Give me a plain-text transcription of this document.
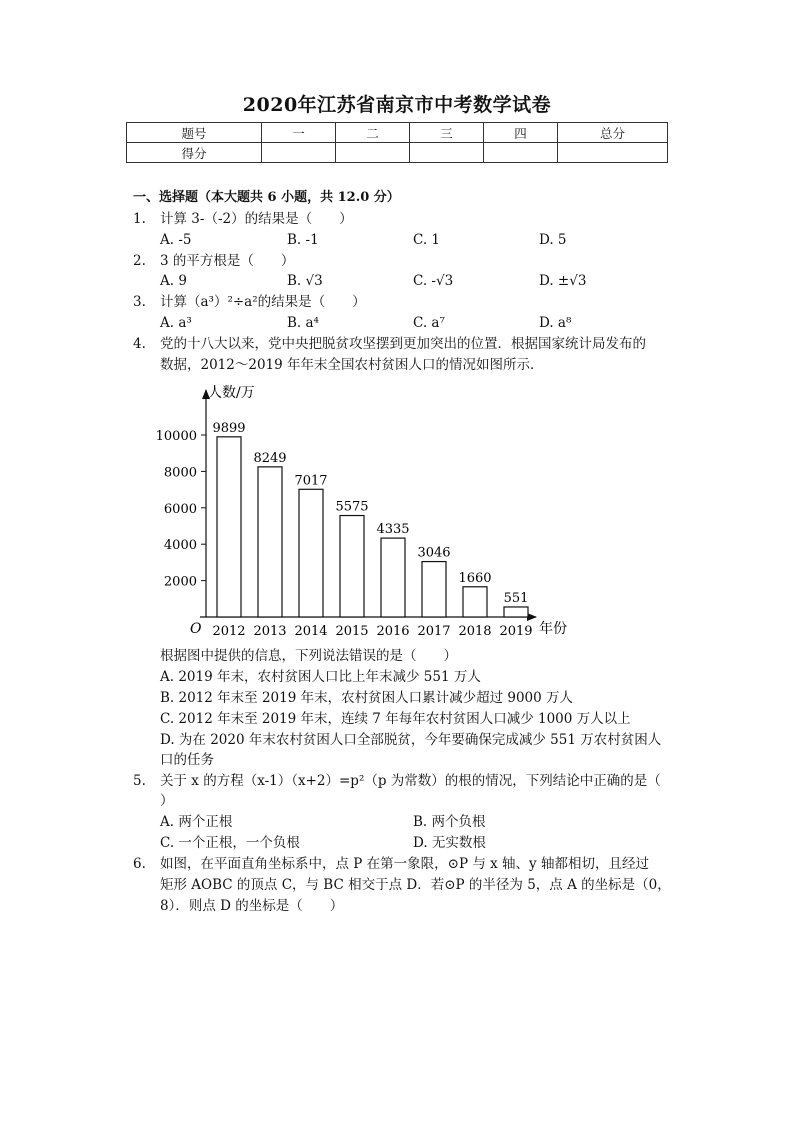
2020年江苏省南京市中考数学试卷
题号	一	二	三	四	总分
得分					
一、选择题（本大题共 6 小题，共 12.0 分）
1. 计算 3-（-2）的结果是（　　）
A. -5	B. -1	C. 1	D. 5
2. 3 的平方根是（　　）
A. 9	B. √3	C. -√3	D. ±√3
3. 计算（a³）²÷a²的结果是（　　）
A. a³	B. a⁴	C. a⁷	D. a⁸
4. 党的十八大以来，党中央把脱贫攻坚摆到更加突出的位置．根据国家统计局发布的
数据，2012～2019 年年末全国农村贫困人口的情况如图所示．
人数/万
年份
O
2000
4000
6000
8000
10000
9899
2012
8249
2013
7017
2014
5575
2015
4335
2016
3046
2017
1660
2018
551
2019
根据图中提供的信息，下列说法错误的是（　　）
A. 2019 年末，农村贫困人口比上年末减少 551 万人
B. 2012 年末至 2019 年末，农村贫困人口累计减少超过 9000 万人
C. 2012 年末至 2019 年末，连续 7 年每年农村贫困人口减少 1000 万人以上
D. 为在 2020 年末农村贫困人口全部脱贫，今年要确保完成减少 551 万农村贫困人
口的任务
5. 关于 x 的方程（x-1）（x+2）=p²（p 为常数）的根的情况，下列结论中正确的是（
）
A. 两个正根	B. 两个负根
C. 一个正根，一个负根	D. 无实数根
6. 如图，在平面直角坐标系中，点 P 在第一象限，⊙P 与 x 轴、y 轴都相切，且经过
矩形 AOBC 的顶点 C，与 BC 相交于点 D．若⊙P 的半径为 5，点 A 的坐标是（0，
8）．则点 D 的坐标是（　　）
